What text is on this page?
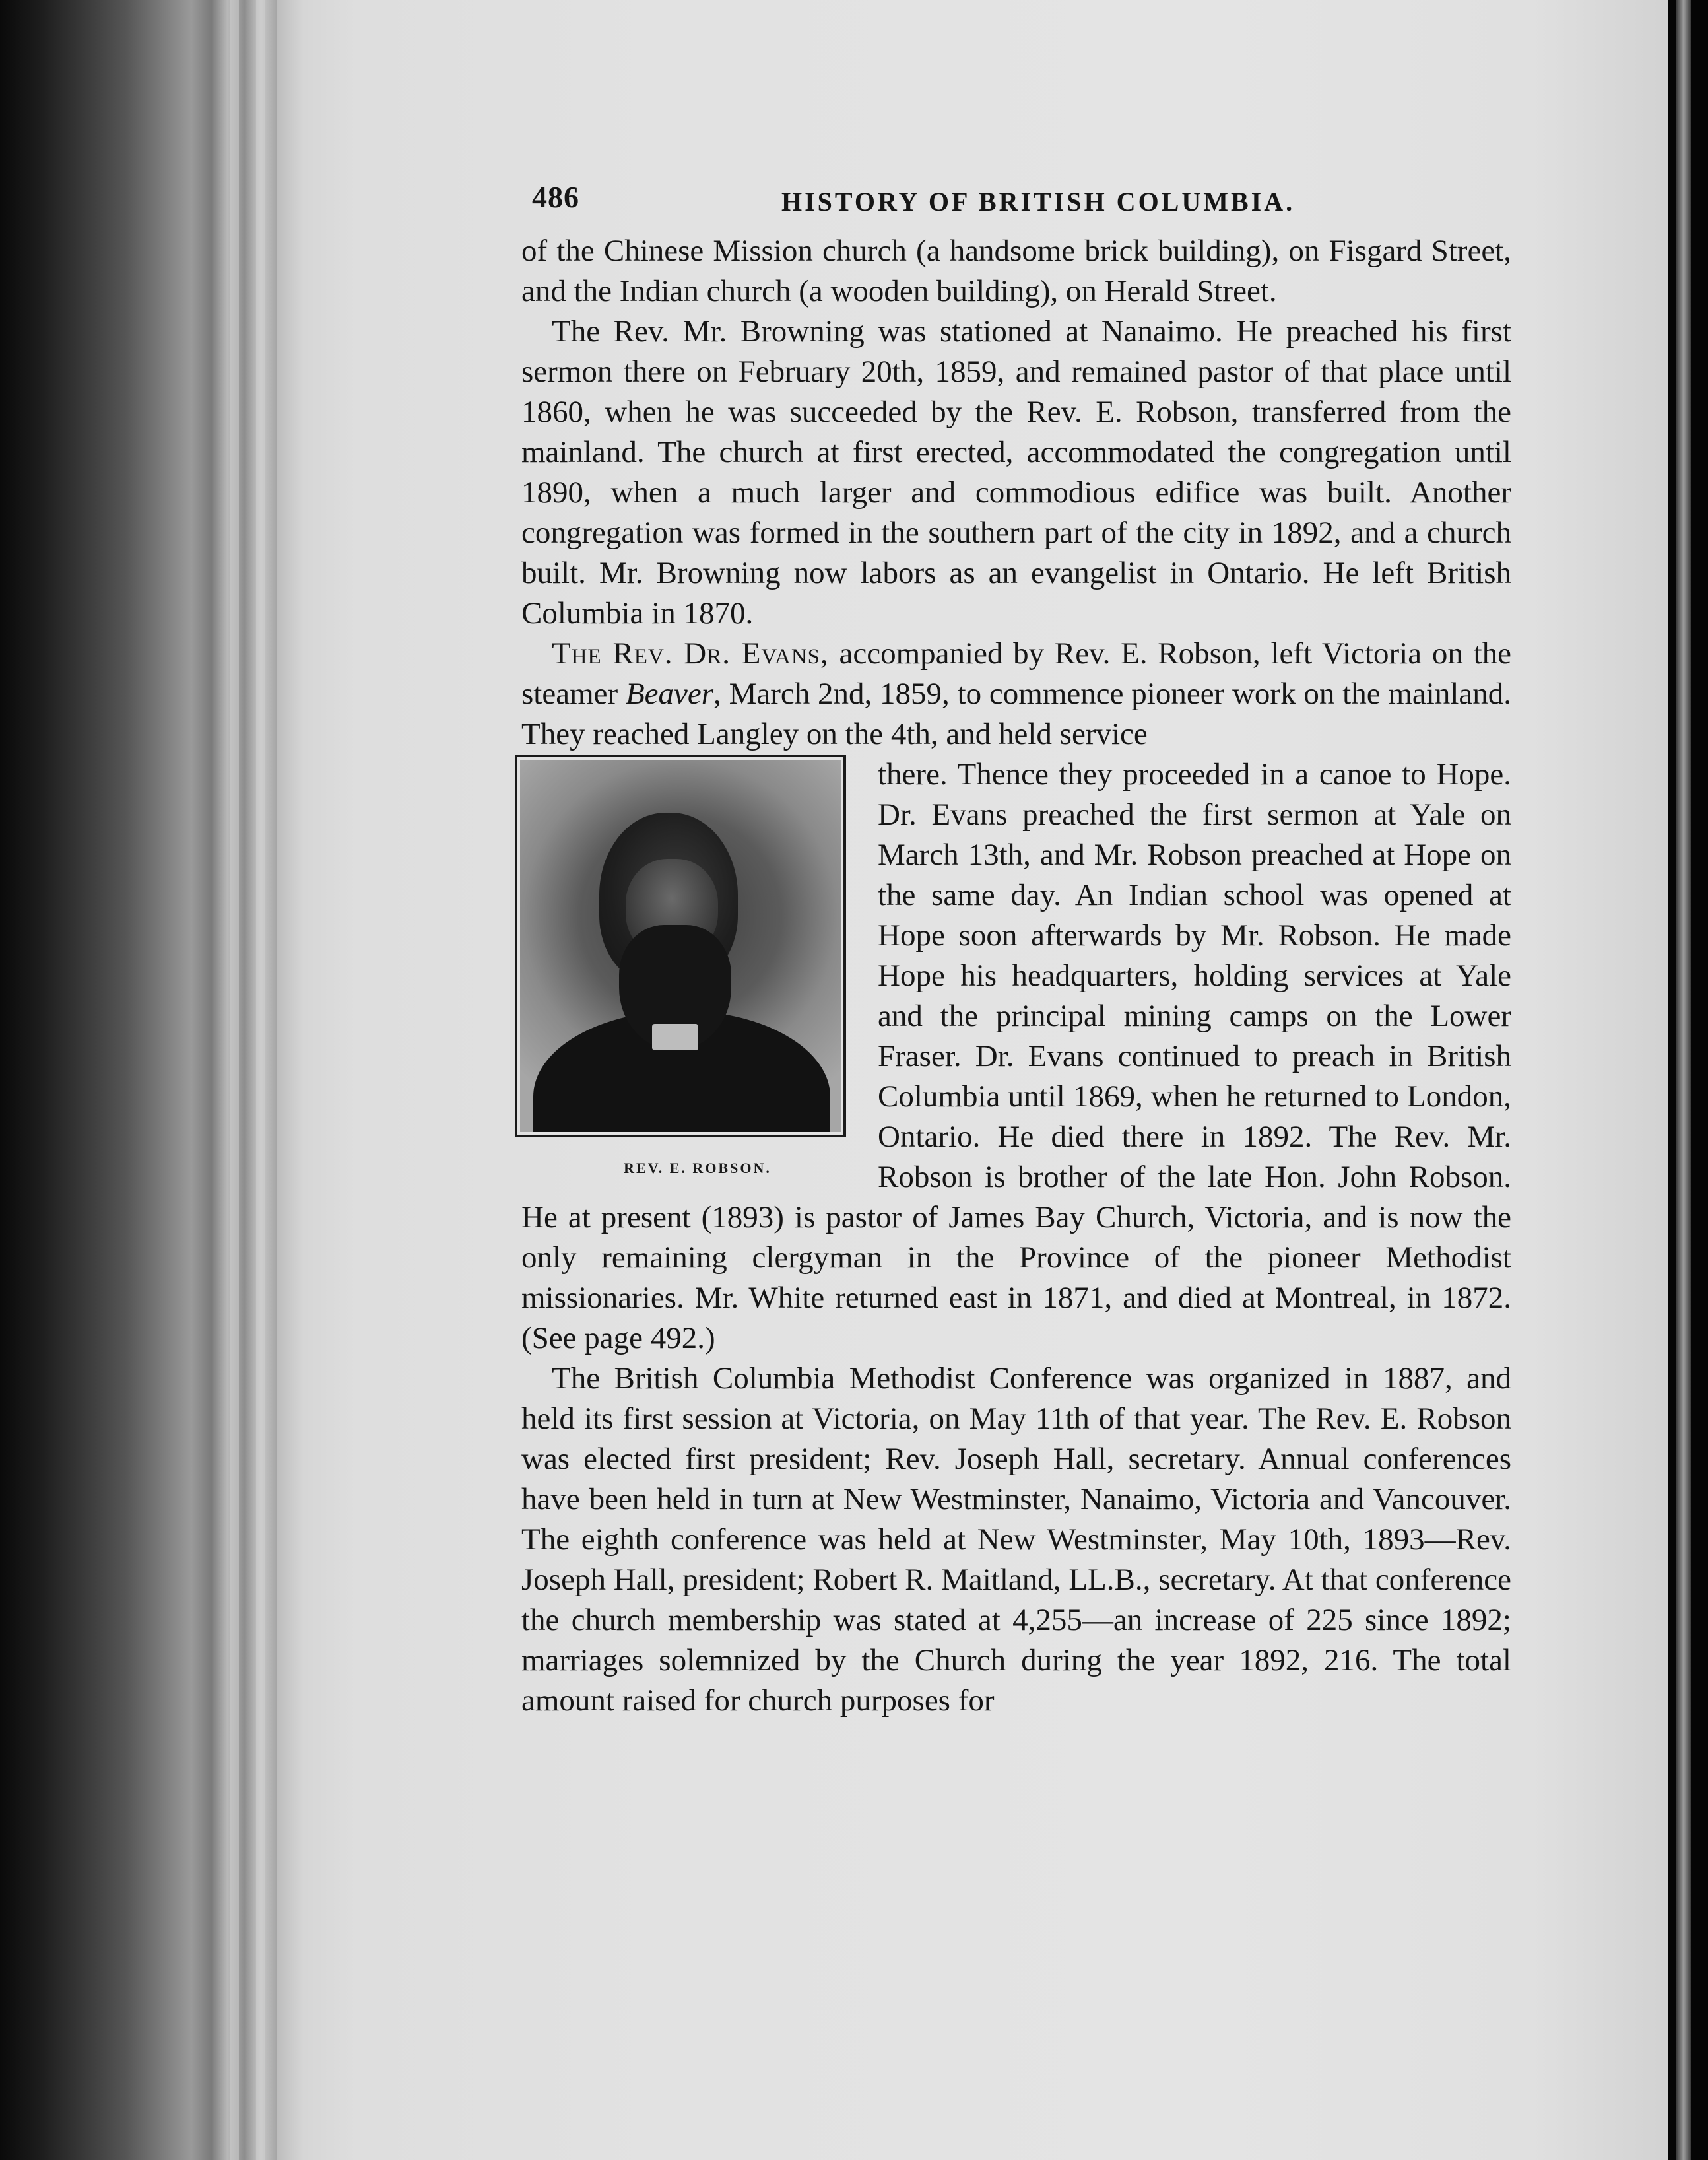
486	HISTORY OF BRITISH COLUMBIA.

of the Chinese Mission church (a handsome brick building), on Fisgard Street, and the Indian church (a wooden building), on Herald Street.

The Rev. Mr. Browning was stationed at Nanaimo. He preached his first sermon there on February 20th, 1859, and remained pastor of that place until 1860, when he was succeeded by the Rev. E. Robson, transferred from the mainland. The church at first erected, accommodated the congregation until 1890, when a much larger and commodious edifice was built. Another congregation was formed in the southern part of the city in 1892, and a church built. Mr. Browning now labors as an evangelist in Ontario. He left British Columbia in 1870.

The Rev. Dr. Evans, accompanied by Rev. E. Robson, left Victoria on the steamer Beaver, March 2nd, 1859, to commence pioneer work on the mainland. They reached Langley on the 4th, and held service

REV. E. ROBSON.
there. Thence they proceeded in a canoe to Hope. Dr. Evans preached the first sermon at Yale on March 13th, and Mr. Robson preached at Hope on the same day. An Indian school was opened at Hope soon afterwards by Mr. Robson. He made Hope his headquarters, holding services at Yale and the principal mining camps on the Lower Fraser. Dr. Evans continued to preach in British Columbia until 1869, when he returned to London, Ontario. He died there in 1892. The Rev. Mr. Robson is brother of the late Hon. John Robson. He at present (1893) is pastor of James Bay Church, Victoria, and is now the only remaining clergyman in the Province of the pioneer Methodist missionaries. Mr. White returned east in 1871, and died at Montreal, in 1872. (See page 492.)

The British Columbia Methodist Conference was organized in 1887, and held its first session at Victoria, on May 11th of that year. The Rev. E. Robson was elected first president; Rev. Joseph Hall, secretary. Annual conferences have been held in turn at New Westminster, Nanaimo, Victoria and Vancouver. The eighth conference was held at New Westminster, May 10th, 1893—Rev. Joseph Hall, president; Robert R. Maitland, LL.B., secretary. At that conference the church membership was stated at 4,255—an increase of 225 since 1892; marriages solemnized by the Church during the year 1892, 216. The total amount raised for church purposes for
